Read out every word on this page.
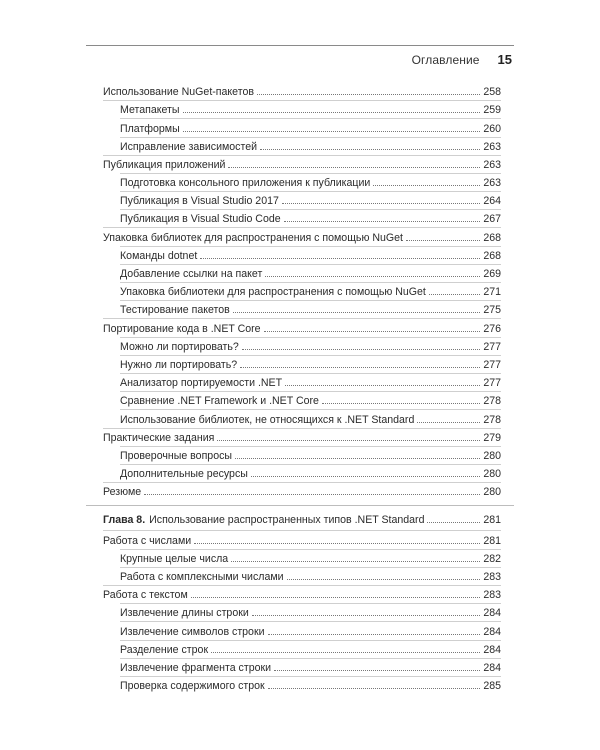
Оглавление 15
Использование NuGet-пакетов	258
Метапакеты	259
Платформы	260
Исправление зависимостей	263
Публикация приложений	263
Подготовка консольного приложения к публикации	263
Публикация в Visual Studio 2017	264
Публикация в Visual Studio Code	267
Упаковка библиотек для распространения с помощью NuGet	268
Команды dotnet	268
Добавление ссылки на пакет	269
Упаковка библиотеки для распространения с помощью NuGet	271
Тестирование пакетов	275
Портирование кода в .NET Core	276
Можно ли портировать?	277
Нужно ли портировать?	277
Анализатор портируемости .NET	277
Сравнение .NET Framework и .NET Core	278
Использование библиотек, не относящихся к .NET Standard	278
Практические задания	279
Проверочные вопросы	280
Дополнительные ресурсы	280
Резюме	280
Глава 8. Использование распространенных типов .NET Standard	281
Работа с числами	281
Крупные целые числа	282
Работа с комплексными числами	283
Работа с текстом	283
Извлечение длины строки	284
Извлечение символов строки	284
Разделение строк	284
Извлечение фрагмента строки	284
Проверка содержимого строк	285
